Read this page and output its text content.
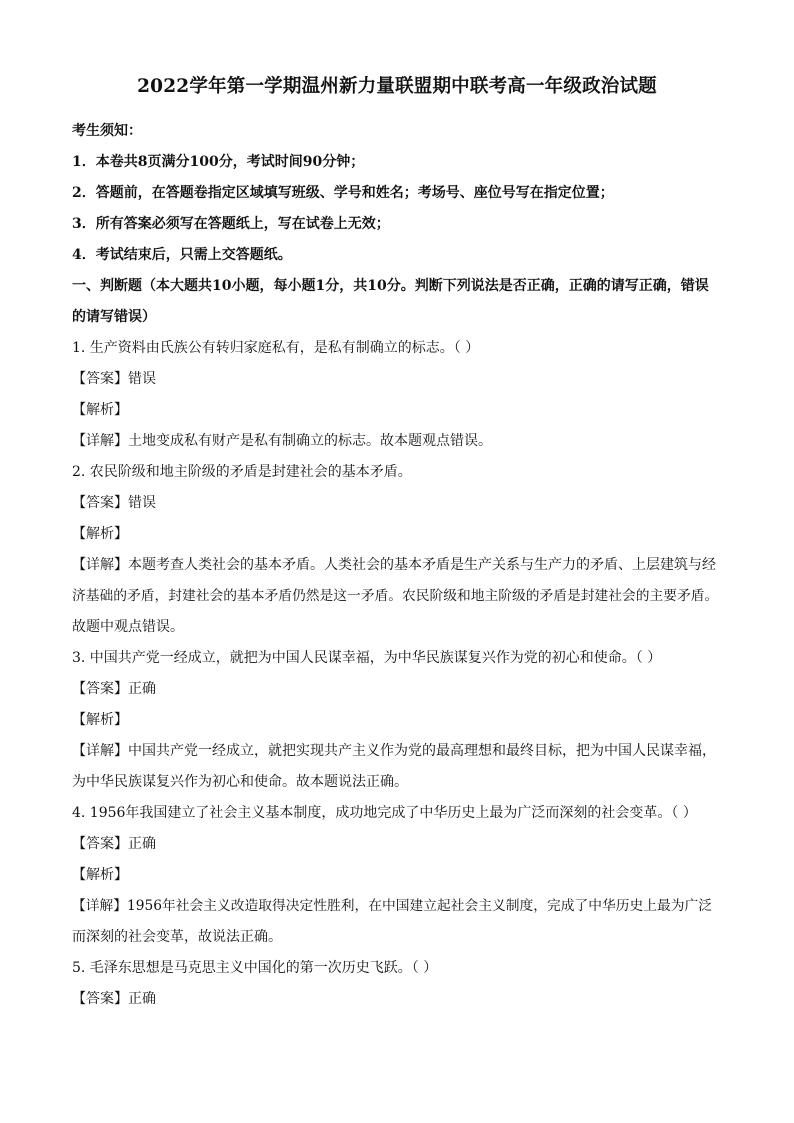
2022学年第一学期温州新力量联盟期中联考高一年级政治试题
考生须知：
1．本卷共8页满分100分，考试时间90分钟；
2．答题前，在答题卷指定区域填写班级、学号和姓名；考场号、座位号写在指定位置；
3．所有答案必须写在答题纸上，写在试卷上无效；
4．考试结束后，只需上交答题纸。
一、判断题（本大题共10小题，每小题1分，共10分。判断下列说法是否正确，正确的请写正确，错误
的请写错误）
1. 生产资料由氏族公有转归家庭私有，是私有制确立的标志。（ ）
【答案】错误
【解析】
【详解】土地变成私有财产是私有制确立的标志。故本题观点错误。
2. 农民阶级和地主阶级的矛盾是封建社会的基本矛盾。
【答案】错误
【解析】
【详解】本题考查人类社会的基本矛盾。人类社会的基本矛盾是生产关系与生产力的矛盾、上层建筑与经
济基础的矛盾，封建社会的基本矛盾仍然是这一矛盾。农民阶级和地主阶级的矛盾是封建社会的主要矛盾。
故题中观点错误。
3. 中国共产党一经成立，就把为中国人民谋幸福，为中华民族谋复兴作为党的初心和使命。（ ）
【答案】正确
【解析】
【详解】中国共产党一经成立，就把实现共产主义作为党的最高理想和最终目标，把为中国人民谋幸福，
为中华民族谋复兴作为初心和使命。故本题说法正确。
4. 1956年我国建立了社会主义基本制度，成功地完成了中华历史上最为广泛而深刻的社会变革。（ ）
【答案】正确
【解析】
【详解】1956年社会主义改造取得决定性胜利，在中国建立起社会主义制度，完成了中华历史上最为广泛
而深刻的社会变革，故说法正确。
5. 毛泽东思想是马克思主义中国化的第一次历史飞跃。（ ）
【答案】正确
